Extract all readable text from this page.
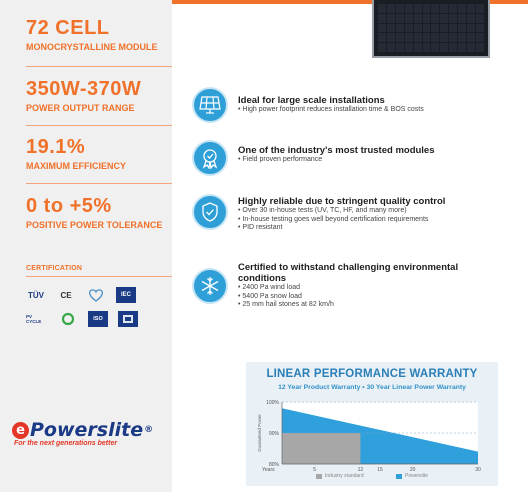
72 CELL
MONOCRYSTALLINE MODULE
350W-370W
POWER OUTPUT RANGE
19.1%
MAXIMUM EFFICIENCY
0 to +5%
POSITIVE POWER TOLERANCE
CERTIFICATION
TÜV	CE	IEC
PV CYCLE	ISO
e Powerslite ®
For the next generations better
Ideal for large scale installations
• High power footprint reduces installation time & BOS costs
One of the industry's most trusted modules
• Field proven performance
Highly reliable due to stringent quality control
• Over 30 in-house tests (UV, TC, HF, and many more)
• In-house testing goes well beyond certification requirements
• PID resistant
Certified to withstand challenging environmental conditions
• 2400 Pa wind load
• 5400 Pa snow load
• 25 mm hail stones at 82 km/h
LINEAR PERFORMANCE WARRANTY
12 Year Product Warranty • 30 Year Linear Power Warranty
100%
90%
80%
5	12	15	20	30
Years
Guaranteed Power
Industry standard	Powerslite
